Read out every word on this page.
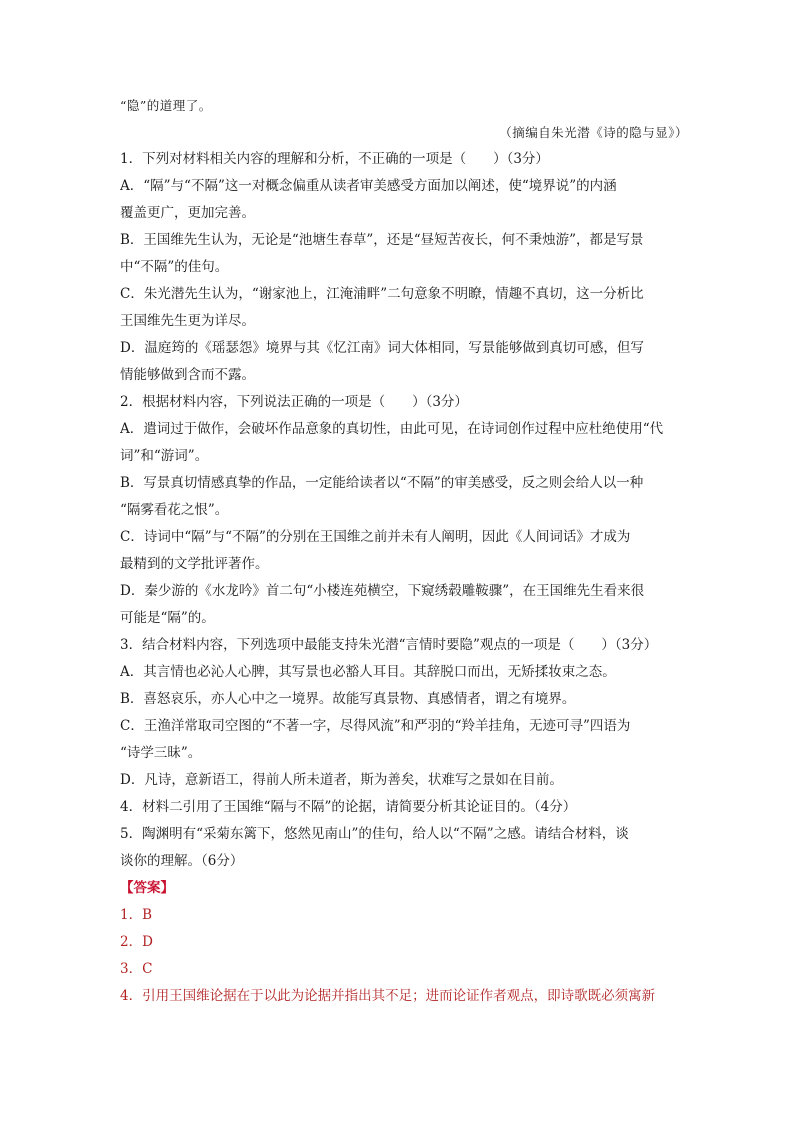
“隐”的道理了。
（摘编自朱光潜《诗的隐与显》）
1．下列对材料相关内容的理解和分析，不正确的一项是（　　）（3分）
A．“隔”与“不隔”这一对概念偏重从读者审美感受方面加以阐述，使“境界说”的内涵
覆盖更广，更加完善。
B．王国维先生认为，无论是“池塘生春草”，还是“昼短苦夜长，何不秉烛游”，都是写景
中“不隔”的佳句。
C．朱光潜先生认为，“谢家池上，江淹浦畔”二句意象不明瞭，情趣不真切，这一分析比
王国维先生更为详尽。
D．温庭筠的《瑶瑟怨》境界与其《忆江南》词大体相同，写景能够做到真切可感，但写
情能够做到含而不露。
2．根据材料内容，下列说法正确的一项是（　　）（3分）
A．遣词过于做作，会破坏作品意象的真切性，由此可见，在诗词创作过程中应杜绝使用“代
词”和“游词”。
B．写景真切情感真挚的作品，一定能给读者以“不隔”的审美感受，反之则会给人以一种
“隔雾看花之恨”。
C．诗词中“隔”与“不隔”的分别在王国维之前并未有人阐明，因此《人间词话》才成为
最精到的文学批评著作。
D．秦少游的《水龙吟》首二句“小楼连苑横空，下窥绣毂雕鞍骤”，在王国维先生看来很
可能是“隔”的。
3．结合材料内容，下列选项中最能支持朱光潜“言情时要隐”观点的一项是（　　）（3分）
A．其言情也必沁人心脾，其写景也必豁人耳目。其辞脱口而出，无矫揉妆束之态。
B．喜怒哀乐，亦人心中之一境界。故能写真景物、真感情者，谓之有境界。
C．王渔洋常取司空图的“不著一字，尽得风流”和严羽的“羚羊挂角，无迹可寻”四语为
“诗学三昧”。
D．凡诗，意新语工，得前人所未道者，斯为善矣，状难写之景如在目前。
4．材料二引用了王国维“隔与不隔”的论据，请简要分析其论证目的。（4分）
5．陶渊明有“采菊东篱下，悠然见南山”的佳句，给人以“不隔”之感。请结合材料，谈
谈你的理解。（6分）
【答案】
1．B
2．D
3．C
4．引用王国维论据在于以此为论据并指出其不足；进而论证作者观点，即诗歌既必须寓新
